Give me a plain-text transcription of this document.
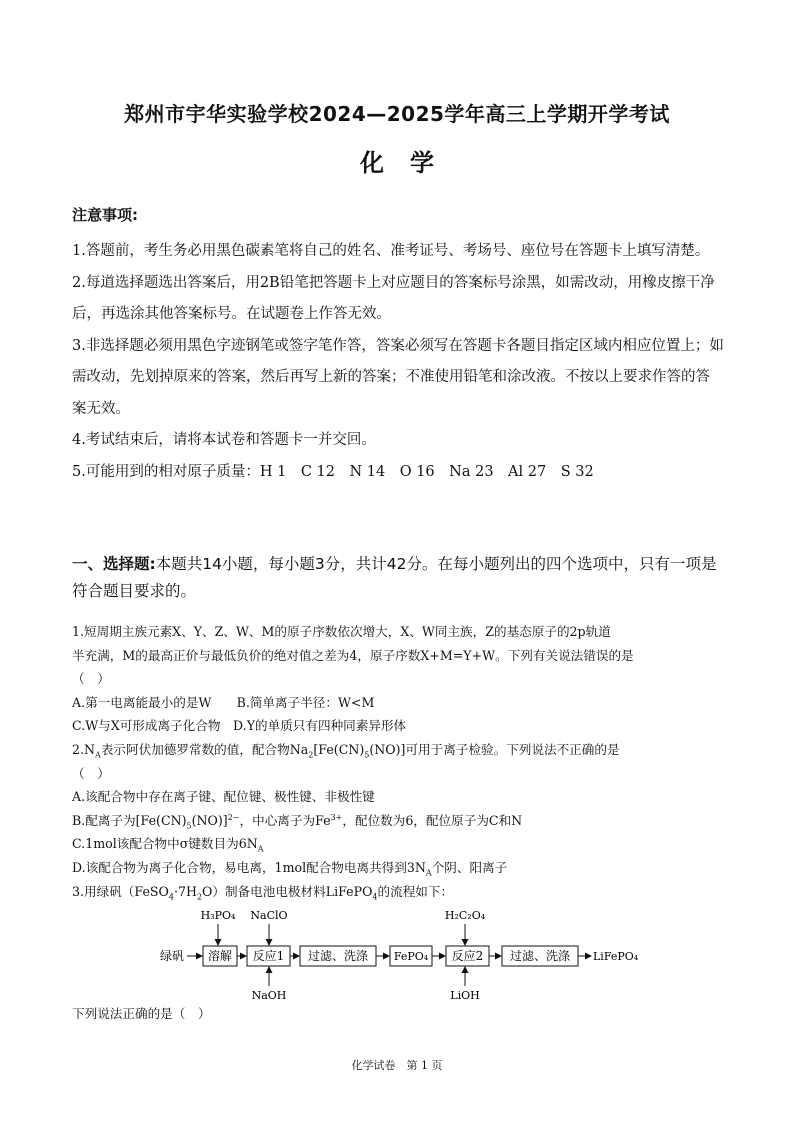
郑州市宇华实验学校2024—2025学年高三上学期开学考试
化学
注意事项:

1.答题前，考生务必用黑色碳素笔将自己的姓名、准考证号、考场号、座位号在答题卡上填写清楚。

2.每道选择题选出答案后，用2B铅笔把答题卡上对应题目的答案标号涂黑，如需改动，用橡皮擦干净后，再选涂其他答案标号。在试题卷上作答无效。

3.非选择题必须用黑色字迹钢笔或签字笔作答，答案必须写在答题卡各题目指定区域内相应位置上；如需改动，先划掉原来的答案，然后再写上新的答案；不准使用铅笔和涂改液。不按以上要求作答的答案无效。

4.考试结束后，请将本试卷和答题卡一并交回。

5.可能用到的相对原子质量：H 1　C 12　N 14　O 16　Na 23　Al 27　S 32

一、选择题:本题共14小题，每小题3分，共计42分。在每小题列出的四个选项中，只有一项是符合题目要求的。

1.短周期主族元素X、Y、Z、W、M的原子序数依次增大，X、W同主族，Z的基态原子的2p轨道

半充满，M的最高正价与最低负价的绝对值之差为4，原子序数X+M=Y+W。下列有关说法错误的是

（　）

A.第一电离能最小的是W　　B.简单离子半径：W<M

C.W与X可形成离子化合物　D.Y的单质只有四种同素异形体

$2.N_A$表示阿伏加德罗常数的值，配合物$Na_2[Fe(CN)_5(NO)]$可用于离子检验。下列说法不正确的是

（　）

A.该配合物中存在离子键、配位键、极性键、非极性键

B.配离子为$[Fe(CN)_5(NO)]^{2-}$，中心离子为$Fe^{3+}$，配位数为6，配位原子为C和N

C.1mol该配合物中σ键数目为$6N_A$

D.该配合物为离子化合物，易电离，1mol配合物电离共得到$3N_A$个阴、阳离子

3.用绿矾$(FeSO_4\cdot 7H_2O)$制备电池电极材料LiFePO$_4$的流程如下：

绿矾 溶解 反应1
H₃PO₄ NaClO
NaOH
过滤、洗涤 FePO₄ 反应2
H₂C₂O₄
LiOH
过滤、洗涤 LiFePO₄
下列说法正确的是（　）
化学试卷　第 1 页
